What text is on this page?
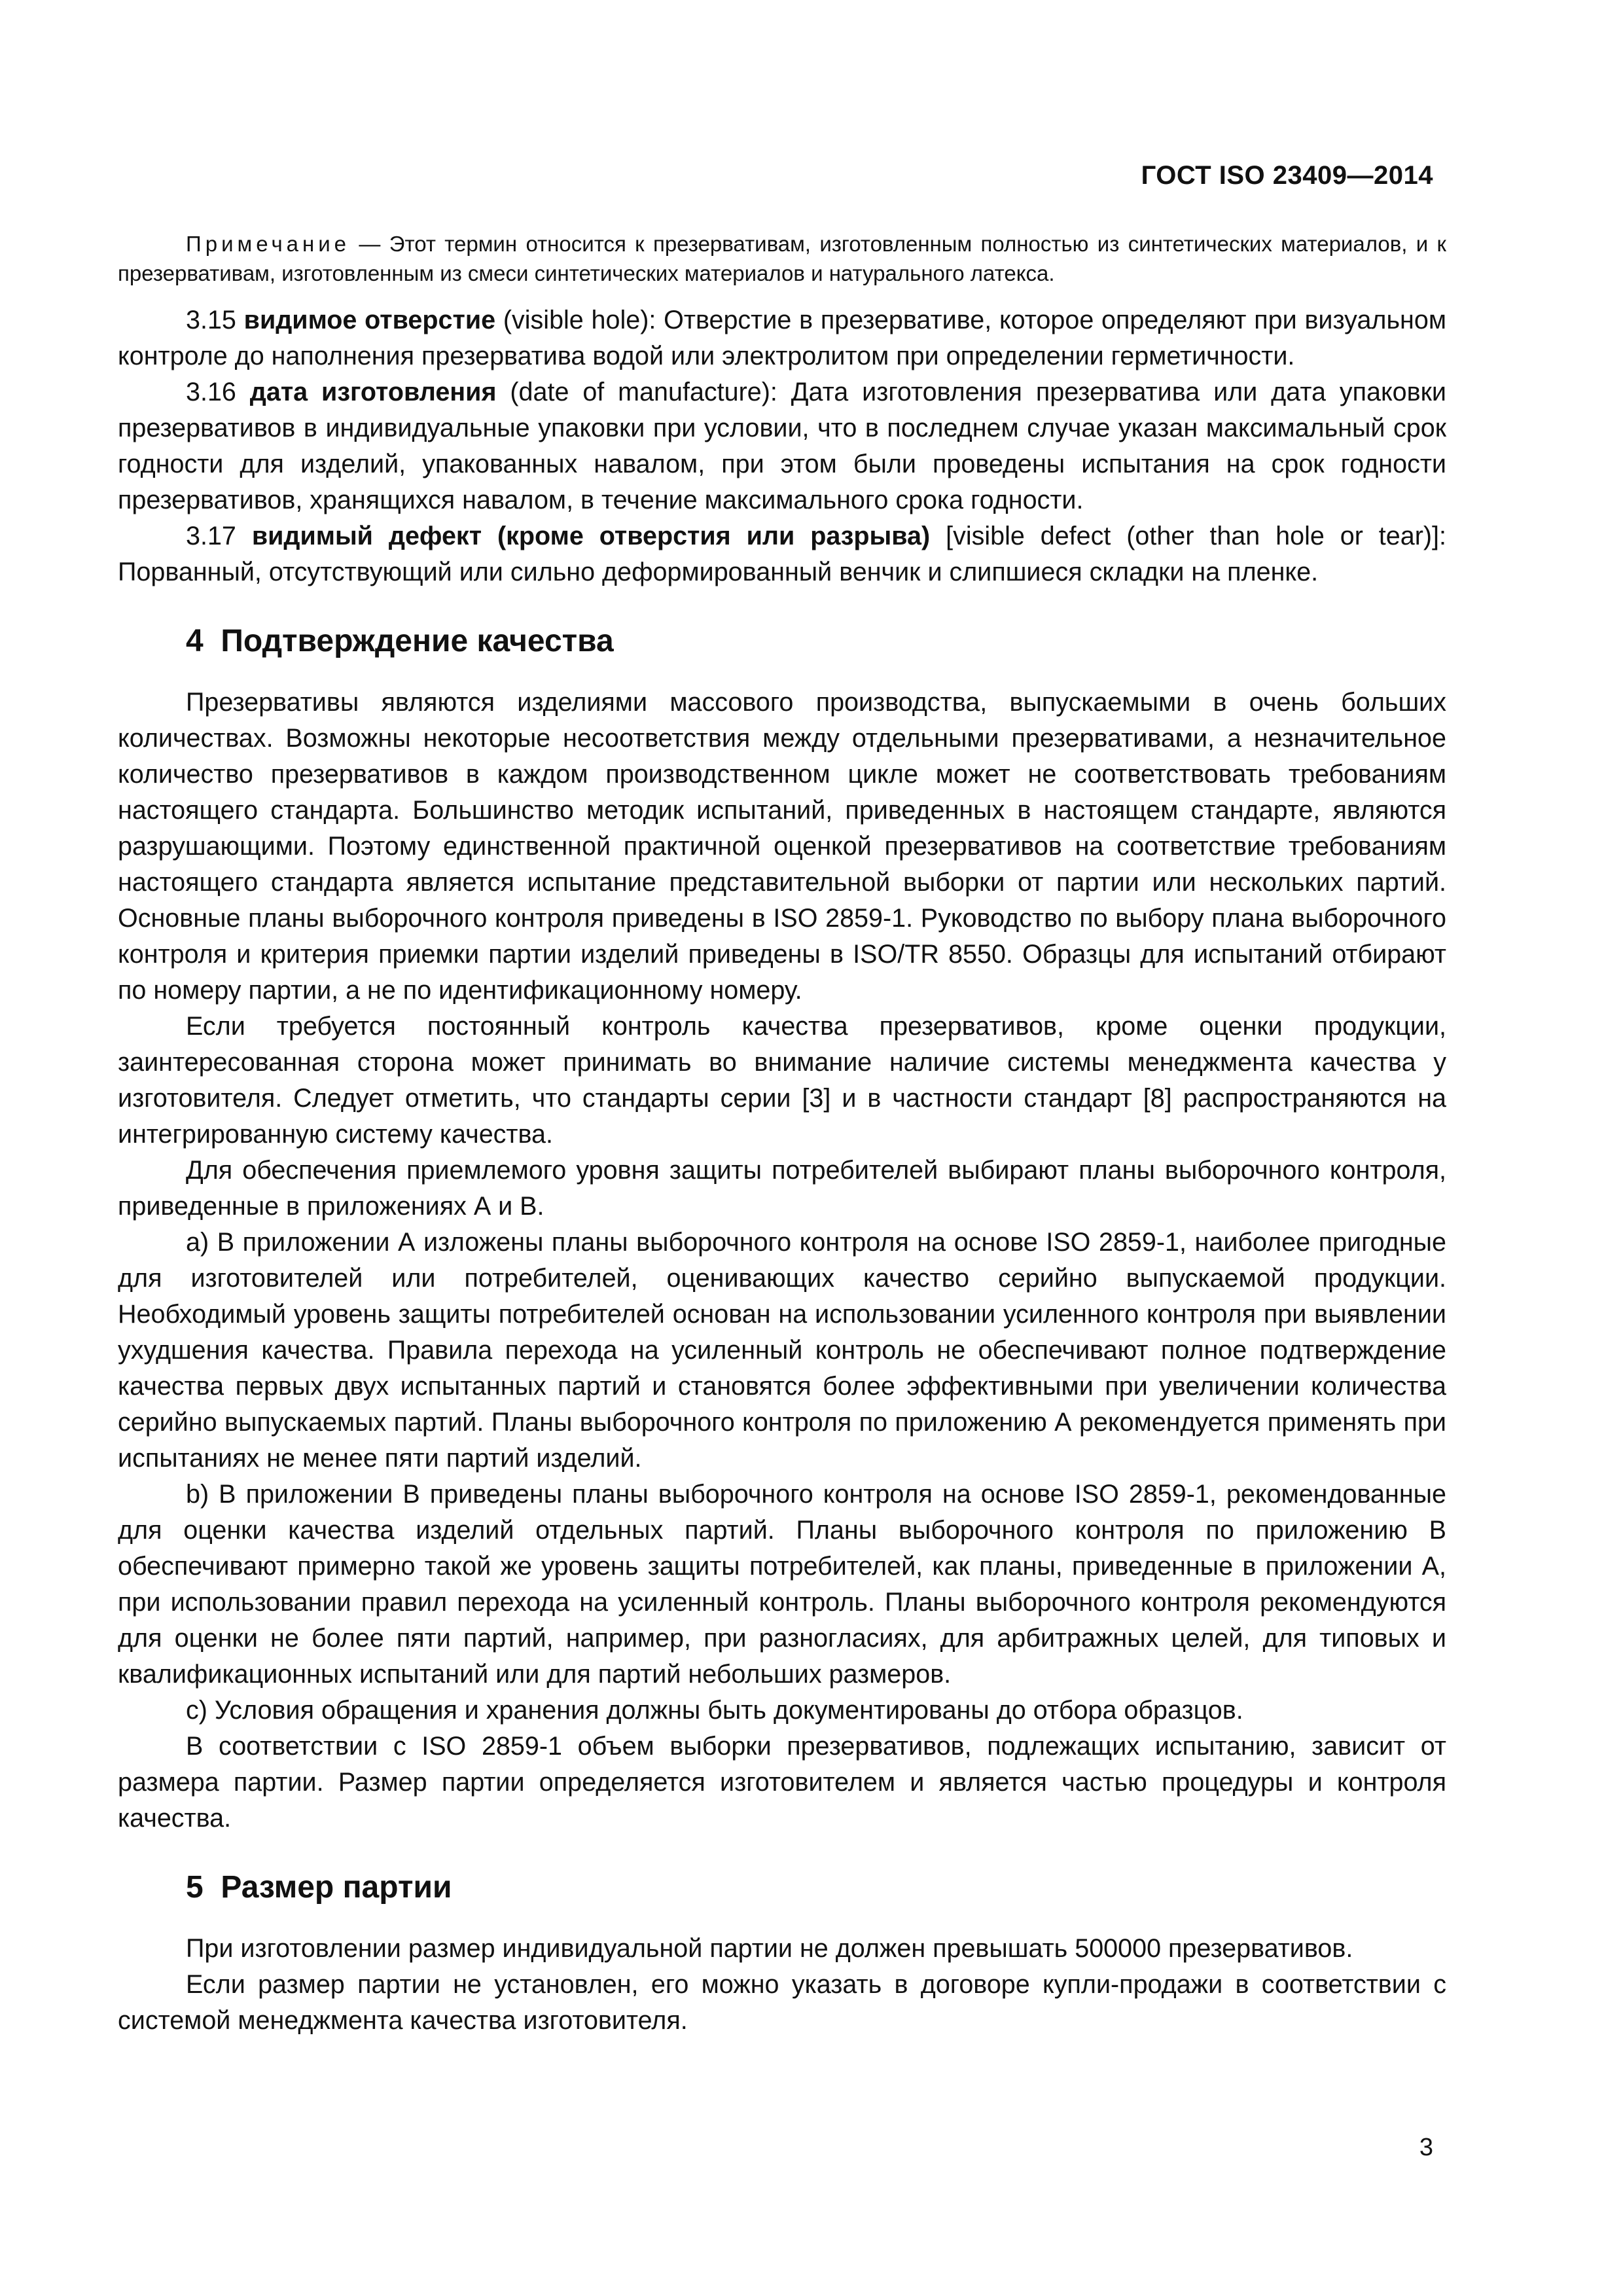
ГОСТ ISO 23409—2014

Примечание — Этот термин относится к презервативам, изготовленным полностью из синтетических материалов, и к презервативам, изготовленным из смеси синтетических материалов и натурального латекса.

3.15 видимое отверстие (visible hole): Отверстие в презервативе, которое определяют при визуальном контроле до наполнения презерватива водой или электролитом при определении герметичности.

3.16 дата изготовления (date of manufacture): Дата изготовления презерватива или дата упаковки презервативов в индивидуальные упаковки при условии, что в последнем случае указан максимальный срок годности для изделий, упакованных навалом, при этом были проведены испытания на срок годности презервативов, хранящихся навалом, в течение максимального срока годности.

3.17 видимый дефект (кроме отверстия или разрыва) [visible defect (other than hole or tear)]: Порванный, отсутствующий или сильно деформированный венчик и слипшиеся складки на пленке.

4 Подтверждение качества

Презервативы являются изделиями массового производства, выпускаемыми в очень больших количествах. Возможны некоторые несоответствия между отдельными презервативами, а незначительное количество презервативов в каждом производственном цикле может не соответствовать требованиям настоящего стандарта. Большинство методик испытаний, приведенных в настоящем стандарте, являются разрушающими. Поэтому единственной практичной оценкой презервативов на соответствие требованиям настоящего стандарта является испытание представительной выборки от партии или нескольких партий. Основные планы выборочного контроля приведены в ISO 2859-1. Руководство по выбору плана выборочного контроля и критерия приемки партии изделий приведены в ISO/TR 8550. Образцы для испытаний отбирают по номеру партии, а не по идентификационному номеру.

Если требуется постоянный контроль качества презервативов, кроме оценки продукции, заинтересованная сторона может принимать во внимание наличие системы менеджмента качества у изготовителя. Следует отметить, что стандарты серии [3] и в частности стандарт [8] распространяются на интегрированную систему качества.

Для обеспечения приемлемого уровня защиты потребителей выбирают планы выборочного контроля, приведенные в приложениях А и В.

а) В приложении А изложены планы выборочного контроля на основе ISO 2859-1, наиболее пригодные для изготовителей или потребителей, оценивающих качество серийно выпускаемой продукции. Необходимый уровень защиты потребителей основан на использовании усиленного контроля при выявлении ухудшения качества. Правила перехода на усиленный контроль не обеспечивают полное подтверждение качества первых двух испытанных партий и становятся более эффективными при увеличении количества серийно выпускаемых партий. Планы выборочного контроля по приложению А рекомендуется применять при испытаниях не менее пяти партий изделий.

b) В приложении В приведены планы выборочного контроля на основе ISO 2859-1, рекомендованные для оценки качества изделий отдельных партий. Планы выборочного контроля по приложению В обеспечивают примерно такой же уровень защиты потребителей, как планы, приведенные в приложении А, при использовании правил перехода на усиленный контроль. Планы выборочного контроля рекомендуются для оценки не более пяти партий, например, при разногласиях, для арбитражных целей, для типовых и квалификационных испытаний или для партий небольших размеров.

с) Условия обращения и хранения должны быть документированы до отбора образцов.

В соответствии с ISO 2859-1 объем выборки презервативов, подлежащих испытанию, зависит от размера партии. Размер партии определяется изготовителем и является частью процедуры и контроля качества.

5 Размер партии

При изготовлении размер индивидуальной партии не должен превышать 500000 презервативов.

Если размер партии не установлен, его можно указать в договоре купли-продажи в соответствии с системой менеджмента качества изготовителя.

3
